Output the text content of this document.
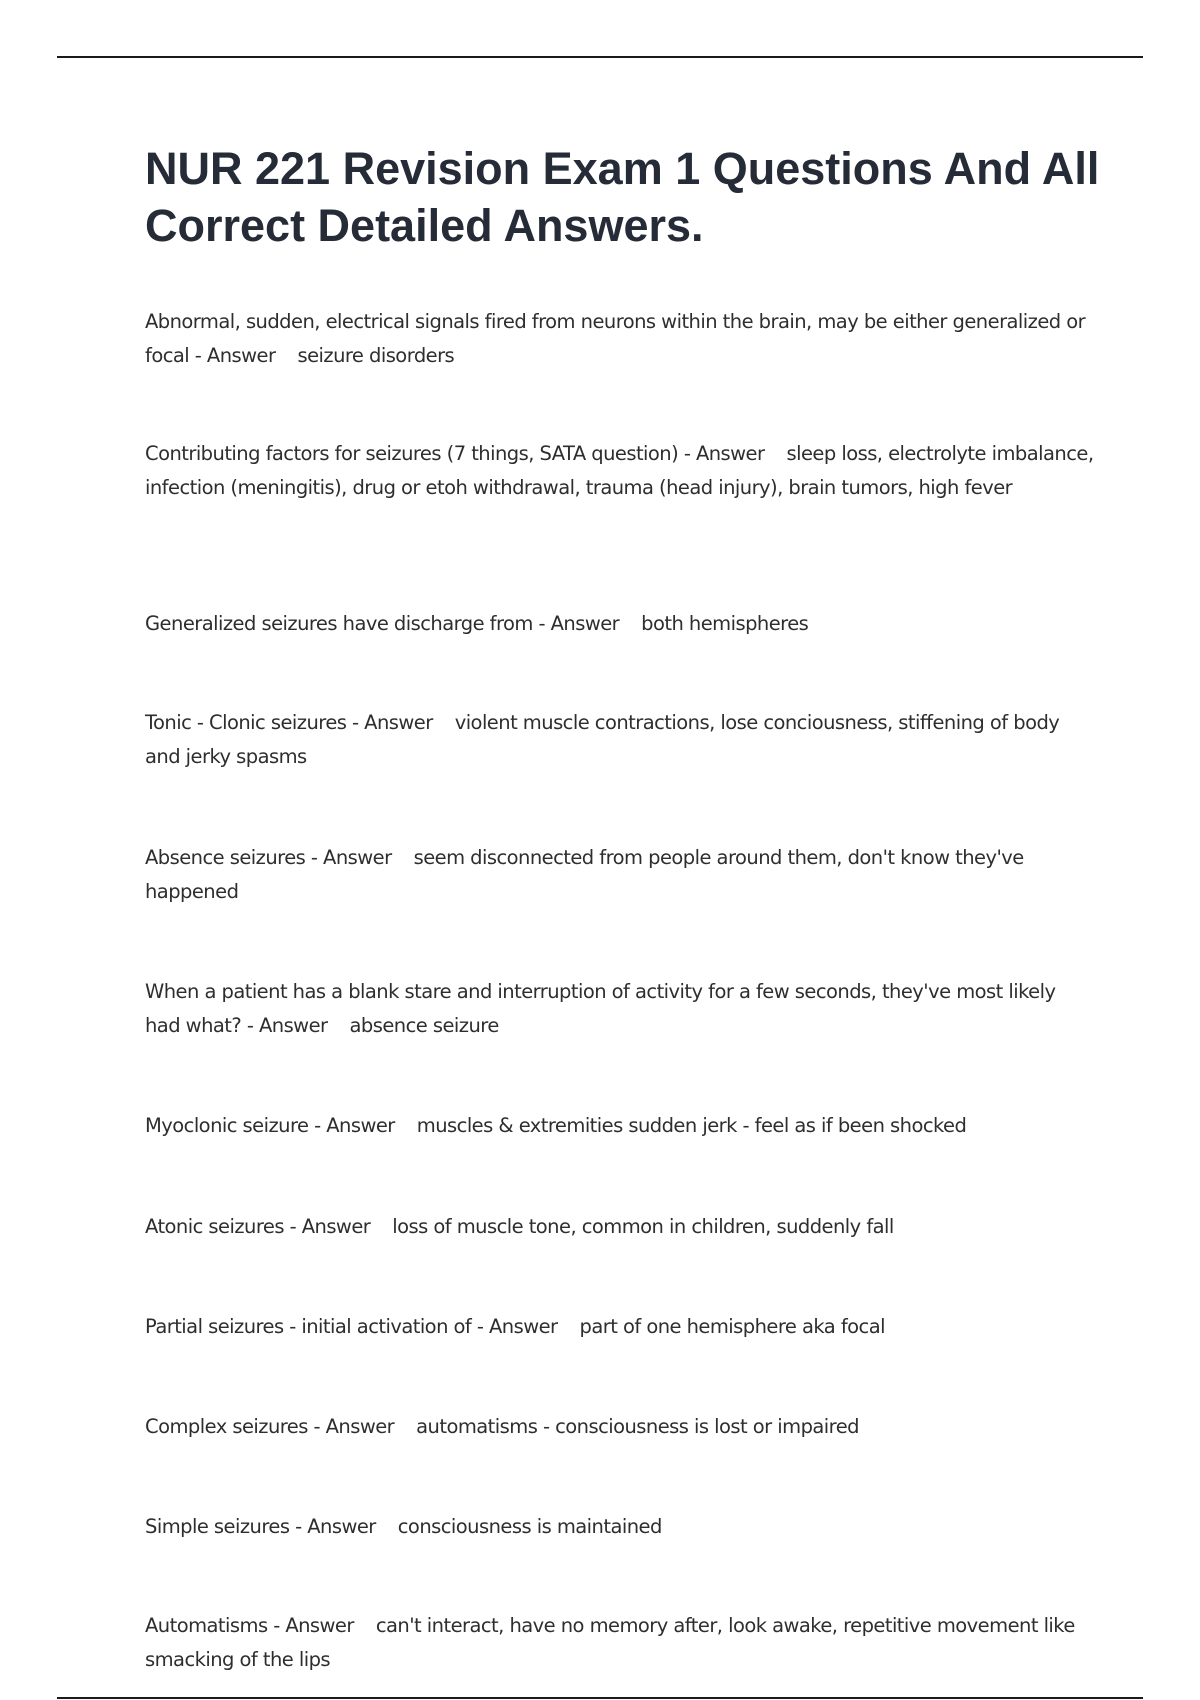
NUR 221 Revision Exam 1 Questions And All Correct Detailed Answers.

Abnormal, sudden, electrical signals fired from neurons within the brain, may be either generalized or focal - Answer seizure disorders

Contributing factors for seizures (7 things, SATA question) - Answer sleep loss, electrolyte imbalance, infection (meningitis), drug or etoh withdrawal, trauma (head injury), brain tumors, high fever

Generalized seizures have discharge from - Answer both hemispheres

Tonic - Clonic seizures - Answer violent muscle contractions, lose conciousness, stiffening of body and jerky spasms

Absence seizures - Answer seem disconnected from people around them, don't know they've happened

When a patient has a blank stare and interruption of activity for a few seconds, they've most likely had what? - Answer absence seizure

Myoclonic seizure - Answer muscles & extremities sudden jerk - feel as if been shocked

Atonic seizures - Answer loss of muscle tone, common in children, suddenly fall

Partial seizures - initial activation of - Answer part of one hemisphere aka focal

Complex seizures - Answer automatisms - consciousness is lost or impaired

Simple seizures - Answer consciousness is maintained

Automatisms - Answer can't interact, have no memory after, look awake, repetitive movement like smacking of the lips
